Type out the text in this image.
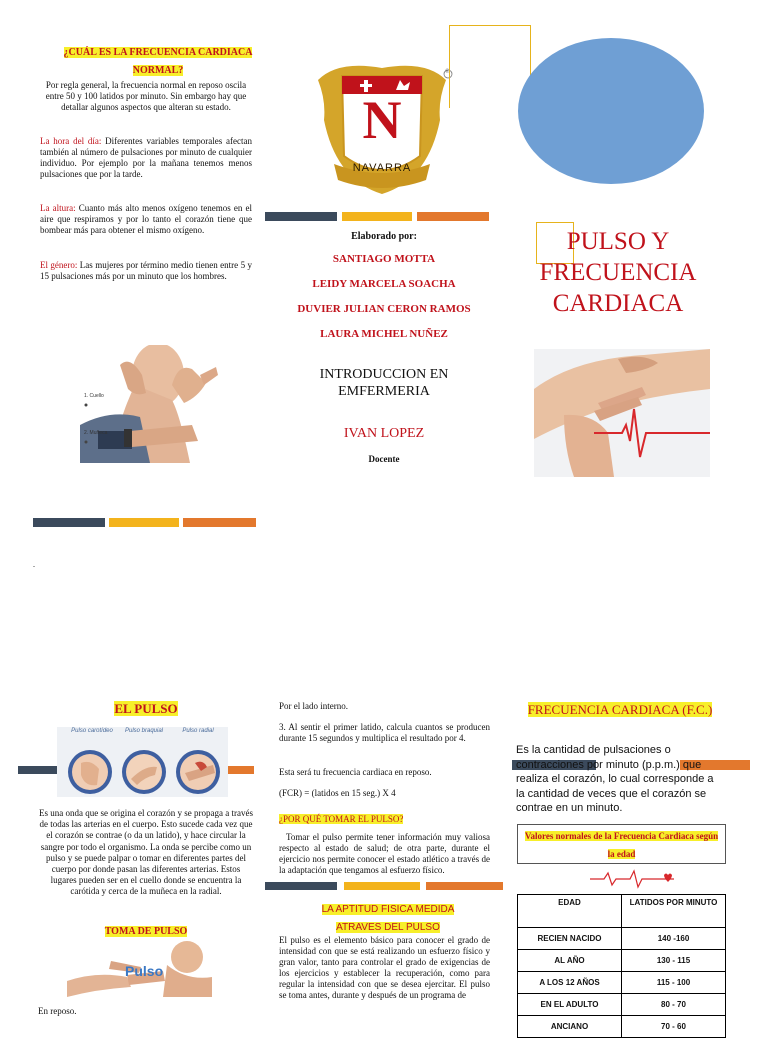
¿CUÁL ES LA FRECUENCIA CARDIACA NORMAL?
Por regla general, la frecuencia normal en reposo oscila entre 50 y 100 latidos por minuto. Sin embargo hay que detallar algunos aspectos que alteran su estado.
La hora del día: Diferentes variables temporales afectan también al número de pulsaciones por minuto de cualquier individuo. Por ejemplo por la mañana tenemos menos pulsaciones que por la tarde.
La altura: Cuanto más alto menos oxígeno tenemos en el aire que respiramos y por lo tanto el corazón tiene que bombear más para obtener el mismo oxígeno.
El género: Las mujeres por término medio tienen entre 5 y 15 pulsaciones más por un minuto que los hombres.
1. Cuello
2. Muñeca
.
N
NAVARRA
®
Elaborado por:
SANTIAGO MOTTA
LEIDY MARCELA SOACHA
DUVIER JULIAN CERON RAMOS
LAURA MICHEL NUÑEZ
INTRODUCCION EN EMFERMERIA
IVAN LOPEZ
Docente
PULSO Y FRECUENCIA CARDIACA
EL PULSO
Pulso carotídeo	Pulso braquial	Pulso radial
Es una onda que se origina el corazón y se propaga a través de todas las arterias en el cuerpo. Esto sucede cada vez que el corazón se contrae (o da un latido), y hace circular la sangre por todo el organismo. La onda se percibe como un pulso y se puede palpar o tomar en diferentes partes del cuerpo por donde pasan las diferentes arterias. Estos lugares pueden ser en el cuello donde se encuentra la carótida y cerca de la muñeca en la radial.
TOMA DE PULSO
Pulso
En reposo.
Por el lado interno.
3. Al sentir el primer latido, calcula cuantos se producen durante 15 segundos y multiplica el resultado por 4.
Esta será tu frecuencia cardiaca en reposo.
(FCR) = (latidos en 15 seg.) X 4
¿POR QUÉ TOMAR EL PULSO?
Tomar el pulso permite tener información muy valiosa respecto al estado de salud; de otra parte, durante el ejercicio nos permite conocer el estado atlético a través de la adaptación que tengamos al esfuerzo físico.
LA APTITUD FISICA MEDIDA ATRAVES DEL PULSO
El pulso es el elemento básico para conocer el grado de intensidad con que se está realizando un esfuerzo físico y gran valor, tanto para controlar el grado de exigencias de los ejercicios y establecer la recuperación, como para regular la intensidad con que se desea ejercitar. El pulso se toma antes, durante y después de un programa de
FRECUENCIA CARDIACA (F.C.)
Es la cantidad de pulsaciones o contracciones por minuto (p.p.m.) que realiza el corazón, lo cual corresponde a la cantidad de veces que el corazón se contrae en un minuto.
Valores normales de la Frecuencia Cardiaca según la edad
EDAD	LATIDOS POR MINUTO
RECIEN NACIDO	140 -160
AL AÑO	130 - 115
A LOS 12 AÑOS	115 - 100
EN EL ADULTO	80 - 70
ANCIANO	70 - 60
